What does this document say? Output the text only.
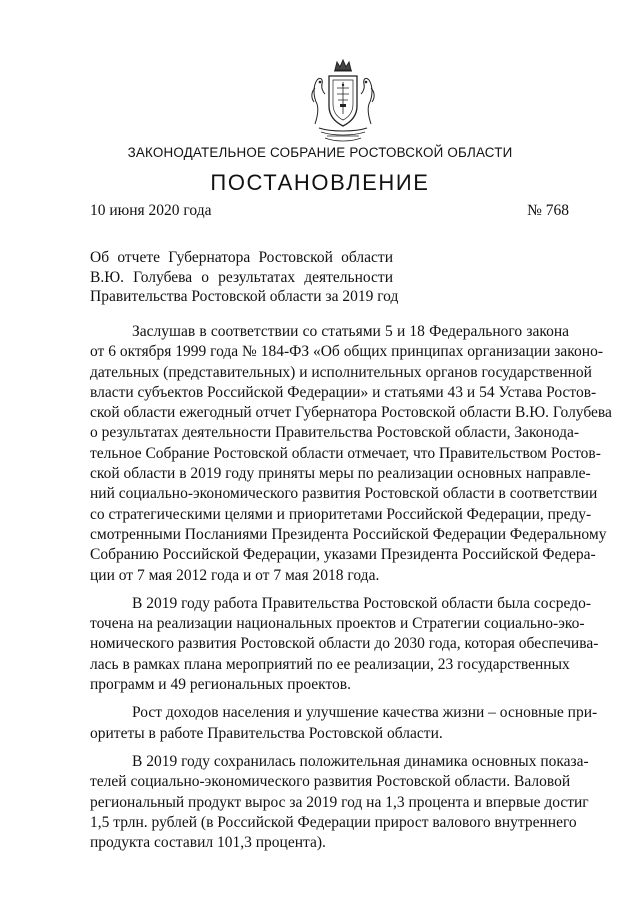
ЗАКОНОДАТЕЛЬНОЕ СОБРАНИЕ РОСТОВСКОЙ ОБЛАСТИ
ПОСТАНОВЛЕНИЕ
10 июня 2020 года	№ 768
Об отчете Губернатора Ростовской области
В.Ю. Голубева о результатах деятельности
Правительства Ростовской области за 2019 год
Заслушав в соответствии со статьями 5 и 18 Федерального закона
от 6 октября 1999 года № 184-ФЗ «Об общих принципах организации законо-
дательных (представительных) и исполнительных органов государственной
власти субъектов Российской Федерации» и статьями 43 и 54 Устава Ростов-
ской области ежегодный отчет Губернатора Ростовской области В.Ю. Голубева
о результатах деятельности Правительства Ростовской области, Законода-
тельное Собрание Ростовской области отмечает, что Правительством Ростов-
ской области в 2019 году приняты меры по реализации основных направле-
ний социально-экономического развития Ростовской области в соответствии
со стратегическими целями и приоритетами Российской Федерации, преду-
смотренными Посланиями Президента Российской Федерации Федеральному
Собранию Российской Федерации, указами Президента Российской Федера-
ции от 7 мая 2012 года и от 7 мая 2018 года.
В 2019 году работа Правительства Ростовской области была сосредо-
точена на реализации национальных проектов и Стратегии социально-эко-
номического развития Ростовской области до 2030 года, которая обеспечива-
лась в рамках плана мероприятий по ее реализации, 23 государственных
программ и 49 региональных проектов.
Рост доходов населения и улучшение качества жизни – основные при-
оритеты в работе Правительства Ростовской области.
В 2019 году сохранилась положительная динамика основных показа-
телей социально-экономического развития Ростовской области. Валовой
региональный продукт вырос за 2019 год на 1,3 процента и впервые достиг
1,5 трлн. рублей (в Российской Федерации прирост валового внутреннего
продукта составил 101,3 процента).
